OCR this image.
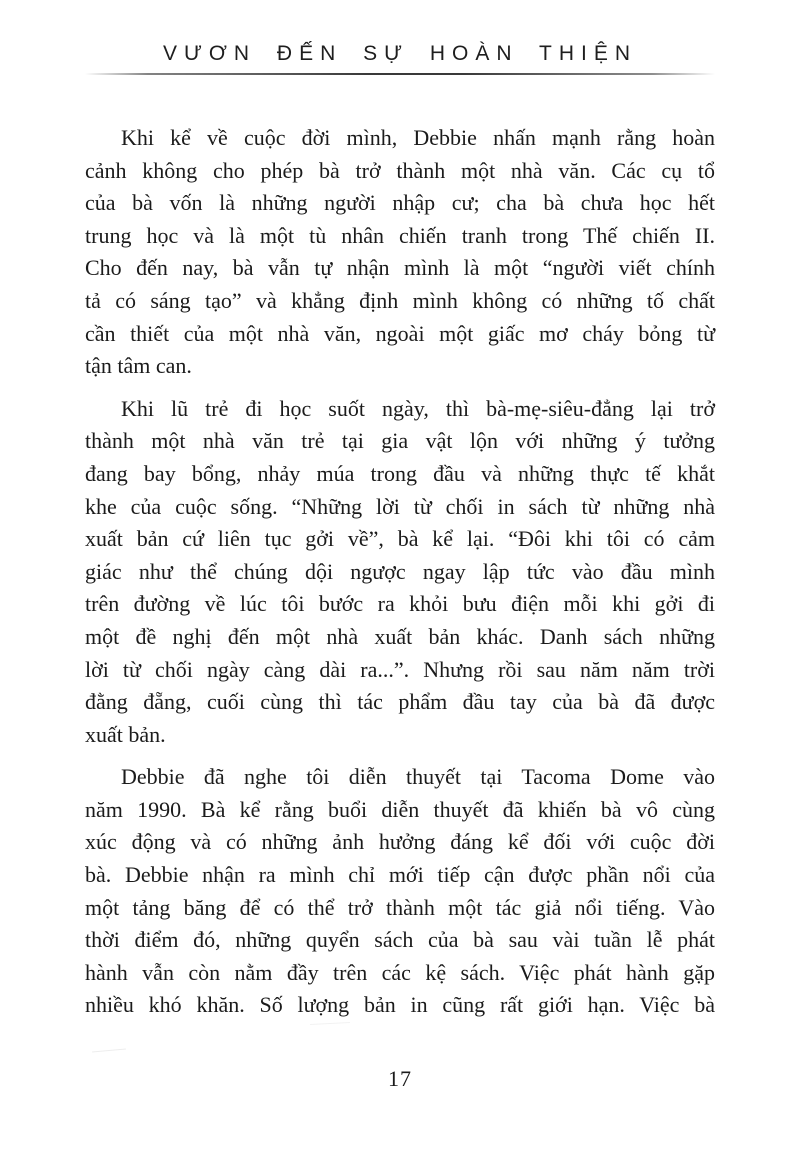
VƯƠN ĐẾN SỰ HOÀN THIỆN
Khi kể về cuộc đời mình, Debbie nhấn mạnh rằng hoàn
cảnh không cho phép bà trở thành một nhà văn. Các cụ tổ
của bà vốn là những người nhập cư; cha bà chưa học hết
trung học và là một tù nhân chiến tranh trong Thế chiến II.
Cho đến nay, bà vẫn tự nhận mình là một “người viết chính
tả có sáng tạo” và khẳng định mình không có những tố chất
cần thiết của một nhà văn, ngoài một giấc mơ cháy bỏng từ
tận tâm can.
Khi lũ trẻ đi học suốt ngày, thì bà-mẹ-siêu-đẳng lại trở
thành một nhà văn trẻ tại gia vật lộn với những ý tưởng
đang bay bổng, nhảy múa trong đầu và những thực tế khắt
khe của cuộc sống. “Những lời từ chối in sách từ những nhà
xuất bản cứ liên tục gởi về”, bà kể lại. “Đôi khi tôi có cảm
giác như thể chúng dội ngược ngay lập tức vào đầu mình
trên đường về lúc tôi bước ra khỏi bưu điện mỗi khi gởi đi
một đề nghị đến một nhà xuất bản khác. Danh sách những
lời từ chối ngày càng dài ra...”. Nhưng rồi sau năm năm trời
đằng đẵng, cuối cùng thì tác phẩm đầu tay của bà đã được
xuất bản.
Debbie đã nghe tôi diễn thuyết tại Tacoma Dome vào
năm 1990. Bà kể rằng buổi diễn thuyết đã khiến bà vô cùng
xúc động và có những ảnh hưởng đáng kể đối với cuộc đời
bà. Debbie nhận ra mình chỉ mới tiếp cận được phần nổi của
một tảng băng để có thể trở thành một tác giả nổi tiếng. Vào
thời điểm đó, những quyển sách của bà sau vài tuần lễ phát
hành vẫn còn nằm đầy trên các kệ sách. Việc phát hành gặp
nhiều khó khăn. Số lượng bản in cũng rất giới hạn. Việc bà
17
